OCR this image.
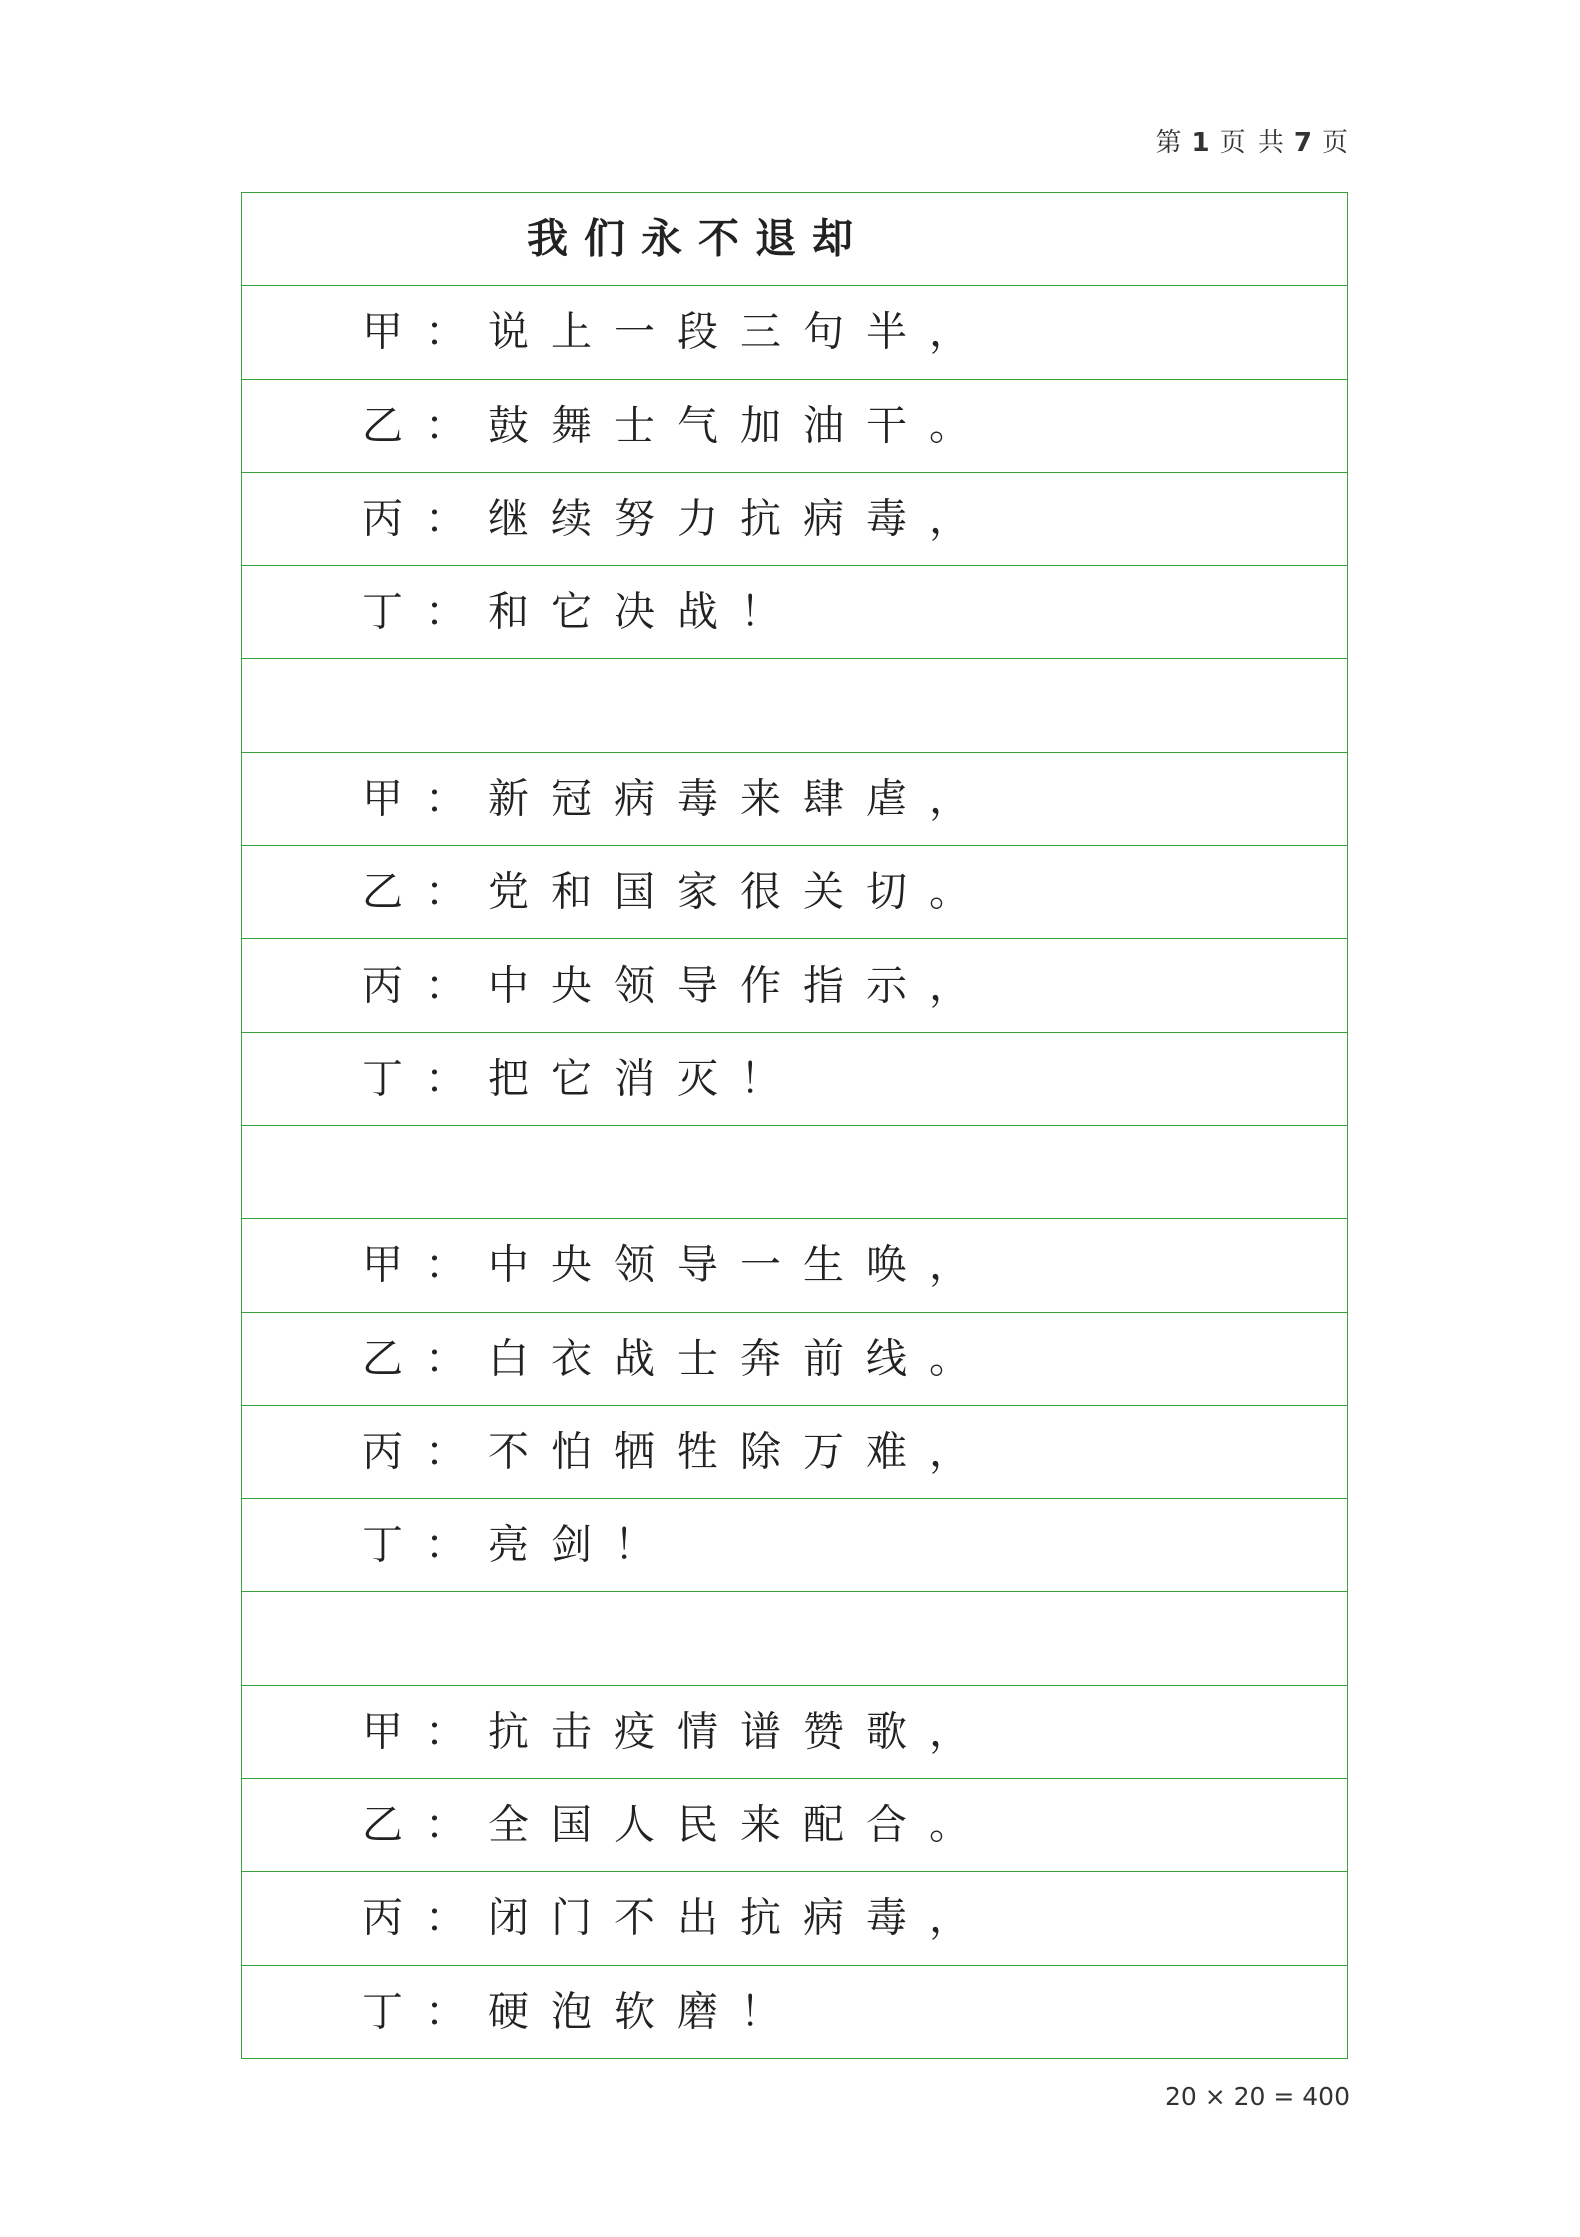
第 1 页 共 7 页
我们永不退却
甲：说上一段三句半，
乙：鼓舞士气加油干。
丙：继续努力抗病毒，
丁：和它决战！
甲：新冠病毒来肆虐，
乙：党和国家很关切。
丙：中央领导作指示，
丁：把它消灭！
甲：中央领导一生唤，
乙：白衣战士奔前线。
丙：不怕牺牲除万难，
丁：亮剑！
甲：抗击疫情谱赞歌，
乙：全国人民来配合。
丙：闭门不出抗病毒，
丁：硬泡软磨！
20 × 20 = 400
